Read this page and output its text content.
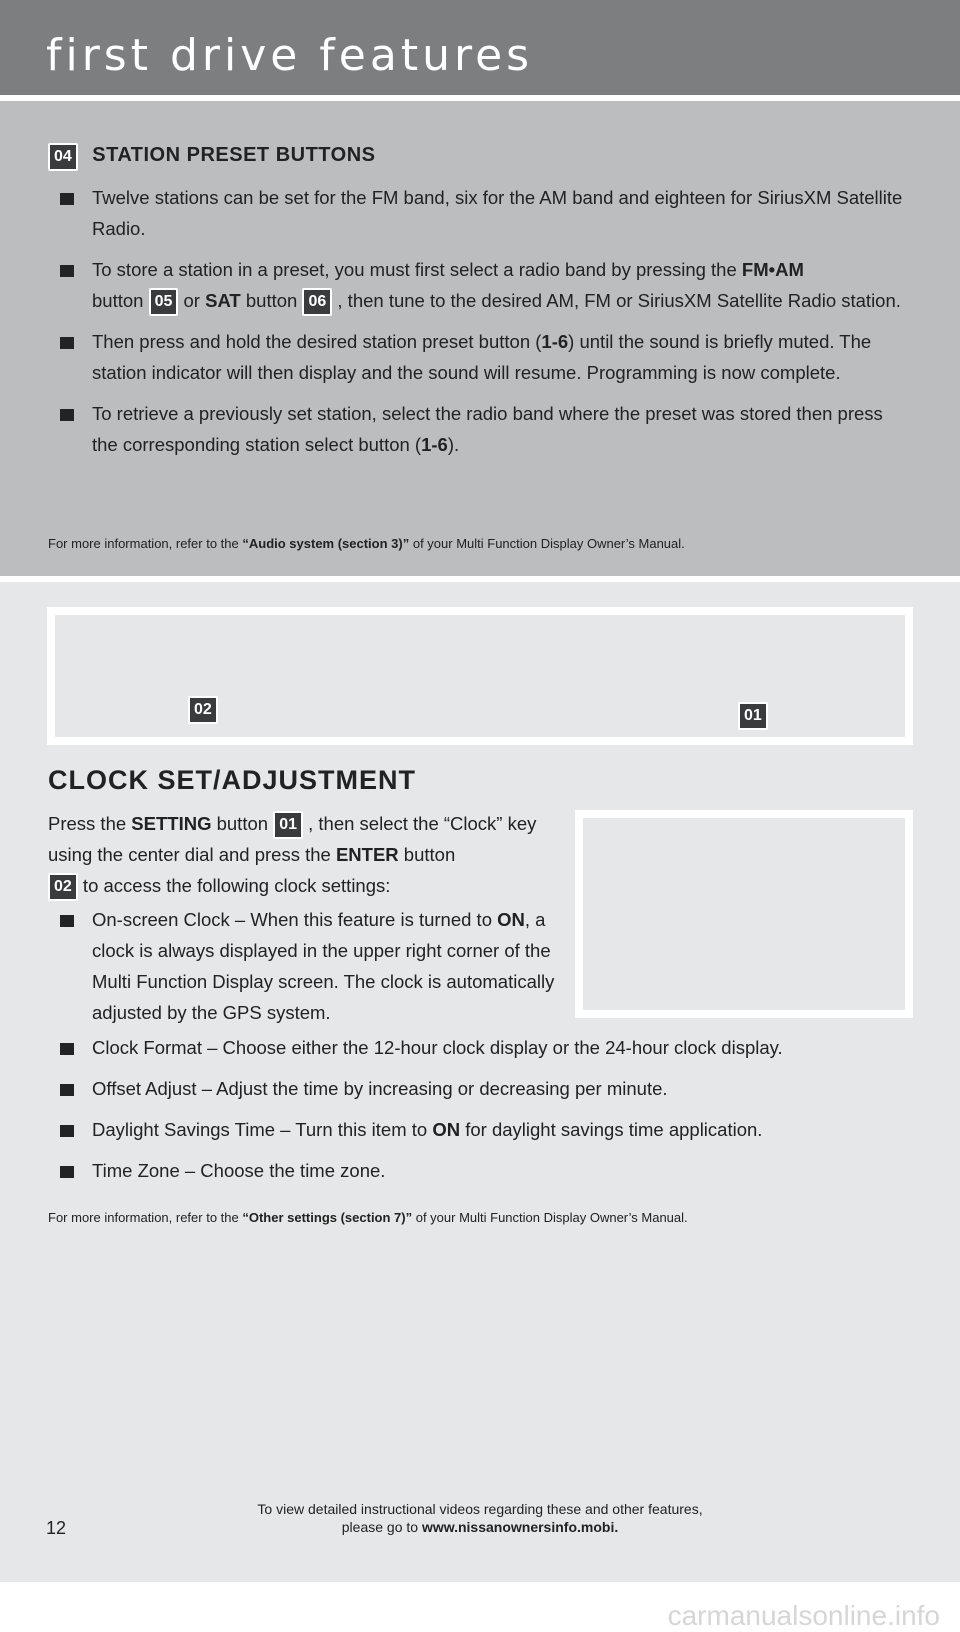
first drive features
04 STATION PRESET BUTTONS
Twelve stations can be set for the FM band, six for the AM band and eighteen for SiriusXM Satellite Radio.
To store a station in a preset, you must first select a radio band by pressing the FM•AM
button 05 or SAT button 06 , then tune to the desired AM, FM or SiriusXM Satellite Radio station.
Then press and hold the desired station preset button (1-6) until the sound is briefly muted. The station indicator will then display and the sound will resume. Programming is now complete.
To retrieve a previously set station, select the radio band where the preset was stored then press the corresponding station select button (1-6).
For more information, refer to the “Audio system (section 3)” of your Multi Function Display Owner’s Manual.
02	01
CLOCK SET/ADJUSTMENT
Press the SETTING button 01 , then select the “Clock” key using the center dial and press the ENTER button
02 to access the following clock settings:
On-screen Clock – When this feature is turned to ON, a clock is always displayed in the upper right corner of the Multi Function Display screen. The clock is automatically adjusted by the GPS system.
Clock Format – Choose either the 12-hour clock display or the 24-hour clock display.
Offset Adjust – Adjust the time by increasing or decreasing per minute.
Daylight Savings Time – Turn this item to ON for daylight savings time application.
Time Zone – Choose the time zone.
For more information, refer to the “Other settings (section 7)” of your Multi Function Display Owner’s Manual.
To view detailed instructional videos regarding these and other features,
please go to www.nissanownersinfo.mobi.
12
carmanualsonline.info
